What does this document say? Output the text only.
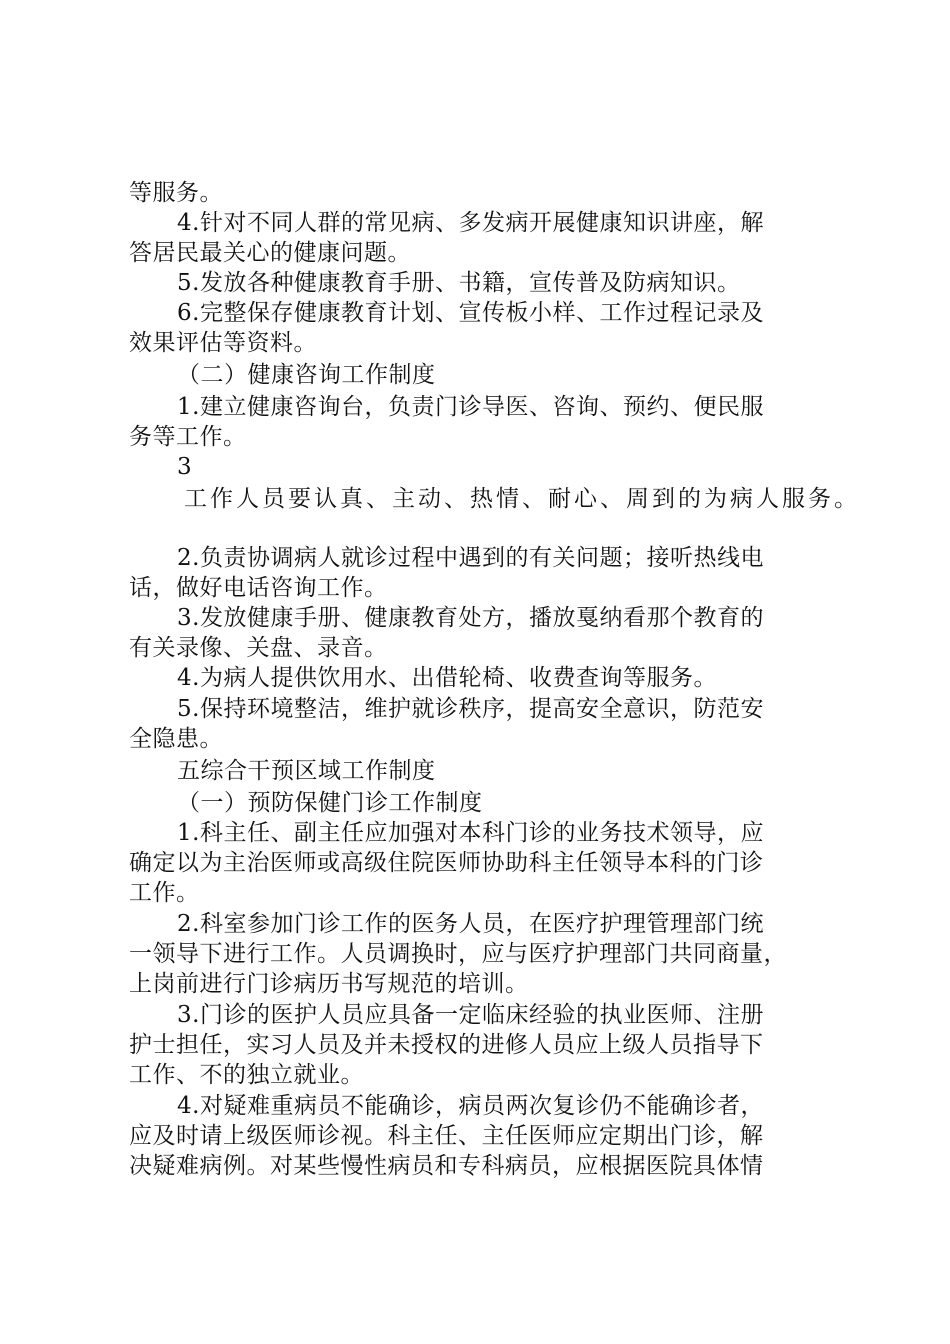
等服务。
4.针对不同人群的常见病、多发病开展健康知识讲座，解
答居民最关心的健康问题。
5.发放各种健康教育手册、书籍，宣传普及防病知识。
6.完整保存健康教育计划、宣传板小样、工作过程记录及
效果评估等资料。
（二）健康咨询工作制度
1.建立健康咨询台，负责门诊导医、咨询、预约、便民服
务等工作。
3
工作人员要认真、主动、热情、耐心、周到的为病人服务。
2.负责协调病人就诊过程中遇到的有关问题；接听热线电
话，做好电话咨询工作。
3.发放健康手册、健康教育处方，播放戛纳看那个教育的
有关录像、关盘、录音。
4.为病人提供饮用水、出借轮椅、收费查询等服务。
5.保持环境整洁，维护就诊秩序，提高安全意识，防范安
全隐患。
五综合干预区域工作制度
（一）预防保健门诊工作制度
1.科主任、副主任应加强对本科门诊的业务技术领导，应
确定以为主治医师或高级住院医师协助科主任领导本科的门诊
工作。
2.科室参加门诊工作的医务人员，在医疗护理管理部门统
一领导下进行工作。人员调换时，应与医疗护理部门共同商量，
上岗前进行门诊病历书写规范的培训。
3.门诊的医护人员应具备一定临床经验的执业医师、注册
护士担任，实习人员及并未授权的进修人员应上级人员指导下
工作、不的独立就业。
4.对疑难重病员不能确诊，病员两次复诊仍不能确诊者，
应及时请上级医师诊视。科主任、主任医师应定期出门诊，解
决疑难病例。对某些慢性病员和专科病员，应根据医院具体情
